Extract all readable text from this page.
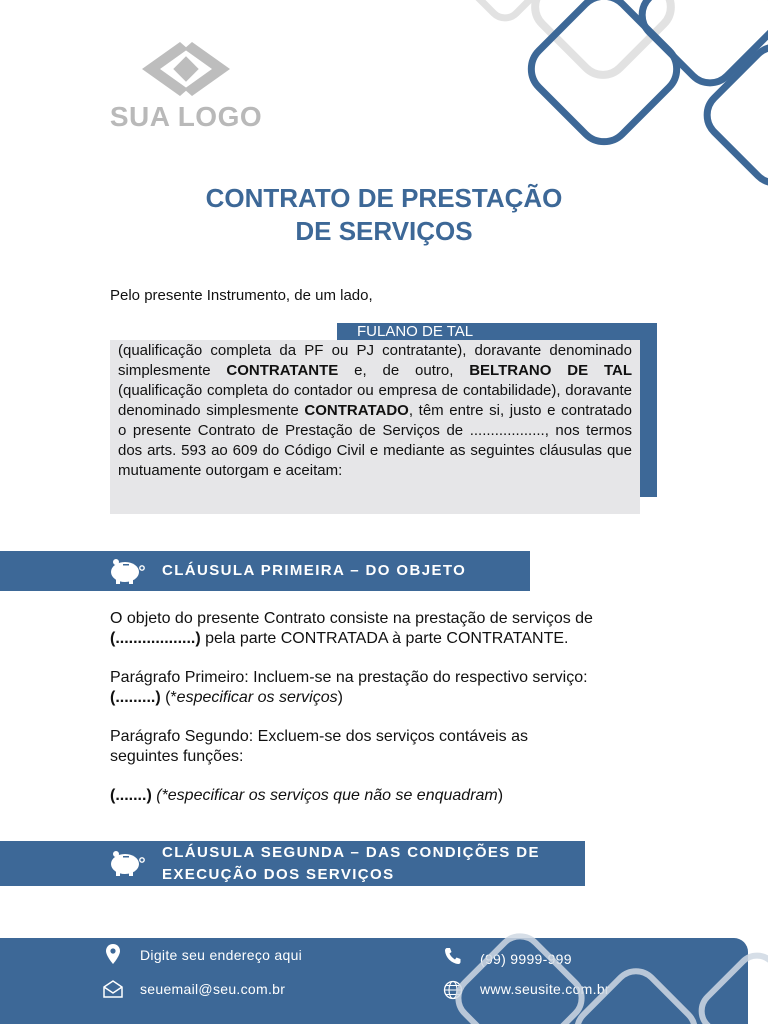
SUA LOGO
CONTRATO DE PRESTAÇÃO
DE SERVIÇOS
Pelo presente Instrumento, de um lado,
FULANO DE TAL
(qualificação completa da PF ou PJ contratante), doravante denominado simplesmente CONTRATANTE e, de outro, BELTRANO DE TAL (qualificação completa do contador ou empresa de contabilidade), doravante denominado simplesmente CONTRATADO, têm entre si, justo e contratado o presente Contrato de Prestação de Serviços de .................., nos termos dos arts. 593 ao 609 do Código Civil e mediante as seguintes cláusulas que mutuamente outorgam e aceitam:
CLÁUSULA PRIMEIRA – DO OBJETO
O objeto do presente Contrato consiste na prestação de serviços de
(..................) pela parte CONTRATADA à parte CONTRATANTE.
Parágrafo Primeiro: Incluem-se na prestação do respectivo serviço:
(.........) (*especificar os serviços)
Parágrafo Segundo: Excluem-se dos serviços contáveis as
seguintes funções:
(.......) (*especificar os serviços que não se enquadram)
CLÁUSULA SEGUNDA – DAS CONDIÇÕES DE
EXECUÇÃO DOS SERVIÇOS
Digite seu endereço aqui
seuemail@seu.com.br
(99) 9999-999
www.seusite.com.br
